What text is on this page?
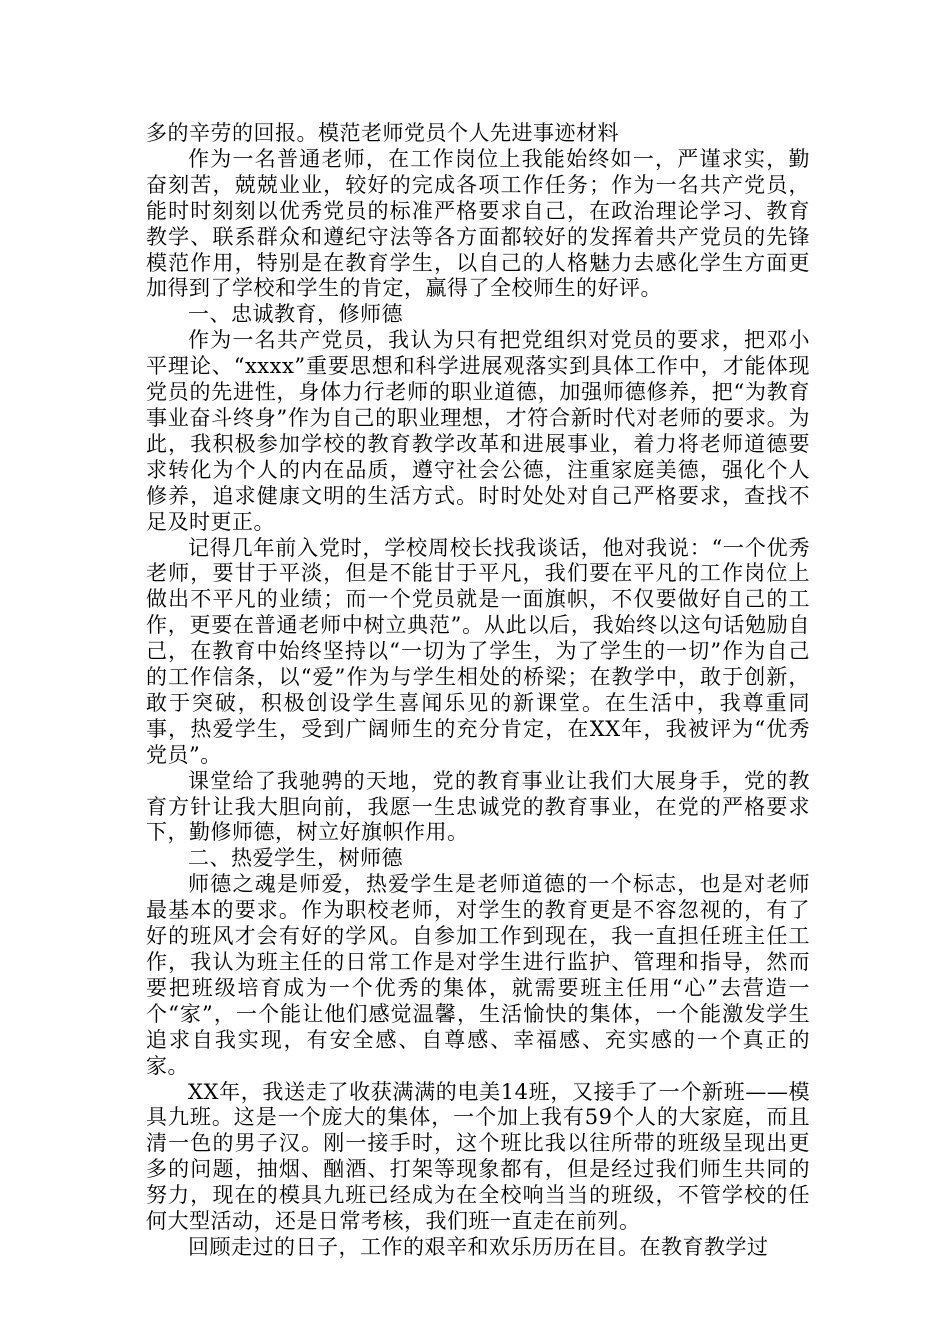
多的辛劳的回报。模范老师党员个人先进事迹材料

作为一名普通老师，在工作岗位上我能始终如一，严谨求实，勤奋刻苦，兢兢业业，较好的完成各项工作任务；作为一名共产党员，能时时刻刻以优秀党员的标准严格要求自己，在政治理论学习、教育教学、联系群众和遵纪守法等各方面都较好的发挥着共产党员的先锋模范作用，特别是在教育学生，以自己的人格魅力去感化学生方面更加得到了学校和学生的肯定，赢得了全校师生的好评。

一、忠诚教育，修师德

作为一名共产党员，我认为只有把党组织对党员的要求，把邓小平理论、“xxxx”重要思想和科学进展观落实到具体工作中，才能体现党员的先进性，身体力行老师的职业道德，加强师德修养，把“为教育事业奋斗终身”作为自己的职业理想，才符合新时代对老师的要求。为此，我积极参加学校的教育教学改革和进展事业，着力将老师道德要求转化为个人的内在品质，遵守社会公德，注重家庭美德，强化个人修养，追求健康文明的生活方式。时时处处对自己严格要求，查找不足及时更正。

记得几年前入党时，学校周校长找我谈话，他对我说：“一个优秀老师，要甘于平淡，但是不能甘于平凡，我们要在平凡的工作岗位上做出不平凡的业绩；而一个党员就是一面旗帜，不仅要做好自己的工作，更要在普通老师中树立典范”。从此以后，我始终以这句话勉励自己，在教育中始终坚持以“一切为了学生，为了学生的一切”作为自己的工作信条，以“爱”作为与学生相处的桥梁；在教学中，敢于创新，敢于突破，积极创设学生喜闻乐见的新课堂。在生活中，我尊重同事，热爱学生，受到广阔师生的充分肯定，在XX年，我被评为“优秀党员”。

课堂给了我驰骋的天地，党的教育事业让我们大展身手，党的教育方针让我大胆向前，我愿一生忠诚党的教育事业，在党的严格要求下，勤修师德，树立好旗帜作用。

二、热爱学生，树师德

师德之魂是师爱，热爱学生是老师道德的一个标志，也是对老师最基本的要求。作为职校老师，对学生的教育更是不容忽视的，有了好的班风才会有好的学风。自参加工作到现在，我一直担任班主任工作，我认为班主任的日常工作是对学生进行监护、管理和指导，然而要把班级培育成为一个优秀的集体，就需要班主任用“心”去营造一个“家”，一个能让他们感觉温馨，生活愉快的集体，一个能激发学生追求自我实现，有安全感、自尊感、幸福感、充实感的一个真正的家。

XX年，我送走了收获满满的电美14班，又接手了一个新班——模具九班。这是一个庞大的集体，一个加上我有59个人的大家庭，而且清一色的男子汉。刚一接手时，这个班比我以往所带的班级呈现出更多的问题，抽烟、酗酒、打架等现象都有，但是经过我们师生共同的努力，现在的模具九班已经成为在全校响当当的班级，不管学校的任何大型活动，还是日常考核，我们班一直走在前列。

回顾走过的日子，工作的艰辛和欢乐历历在目。在教育教学过
